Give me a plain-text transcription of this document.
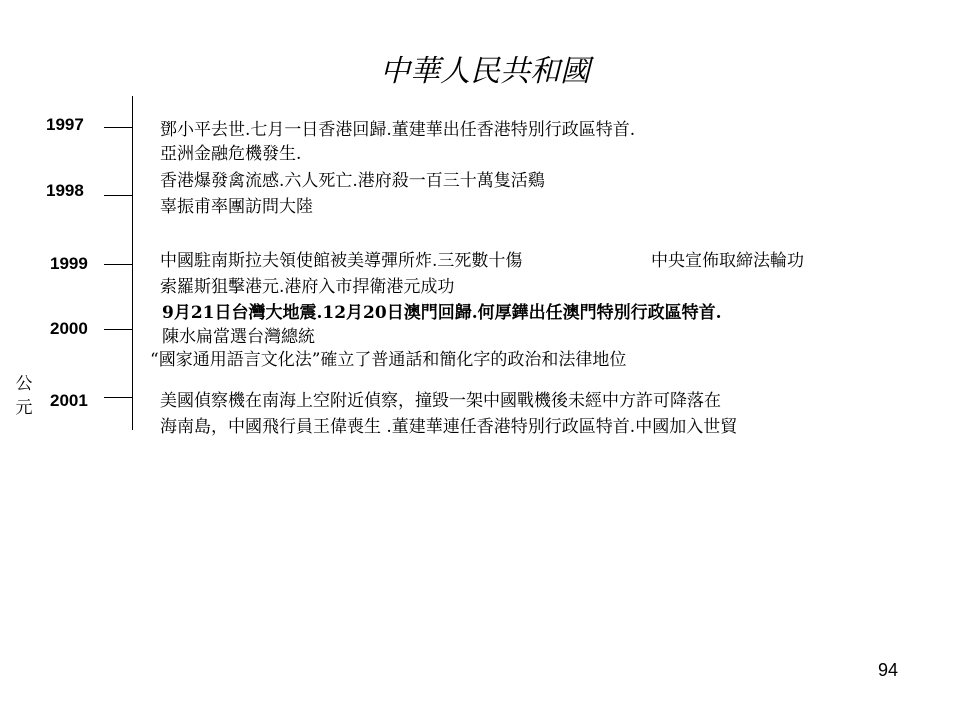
中華人民共和國
1997
1998
1999
2000
2001
公元
鄧小平去世.七月一日香港回歸.董建華出任香港特別行政區特首.
亞洲金融危機發生.
香港爆發禽流感.六人死亡.港府殺一百三十萬隻活鷄
辜振甫率團訪問大陸
中國駐南斯拉夫領使館被美導彈所炸.三死數十傷	中央宣佈取締法輪功
索羅斯狙擊港元.港府入市捍衛港元成功
9月21日台灣大地震.12月20日澳門回歸.何厚鏵出任澳門特別行政區特首.
陳水扁當選台灣總統
“國家通用語言文化法”確立了普通話和簡化字的政治和法律地位
美國偵察機在南海上空附近偵察，撞毀一架中國戰機後未經中方許可降落在
海南島，中國飛行員王偉喪生 .董建華連任香港特別行政區特首.中國加入世貿
94
